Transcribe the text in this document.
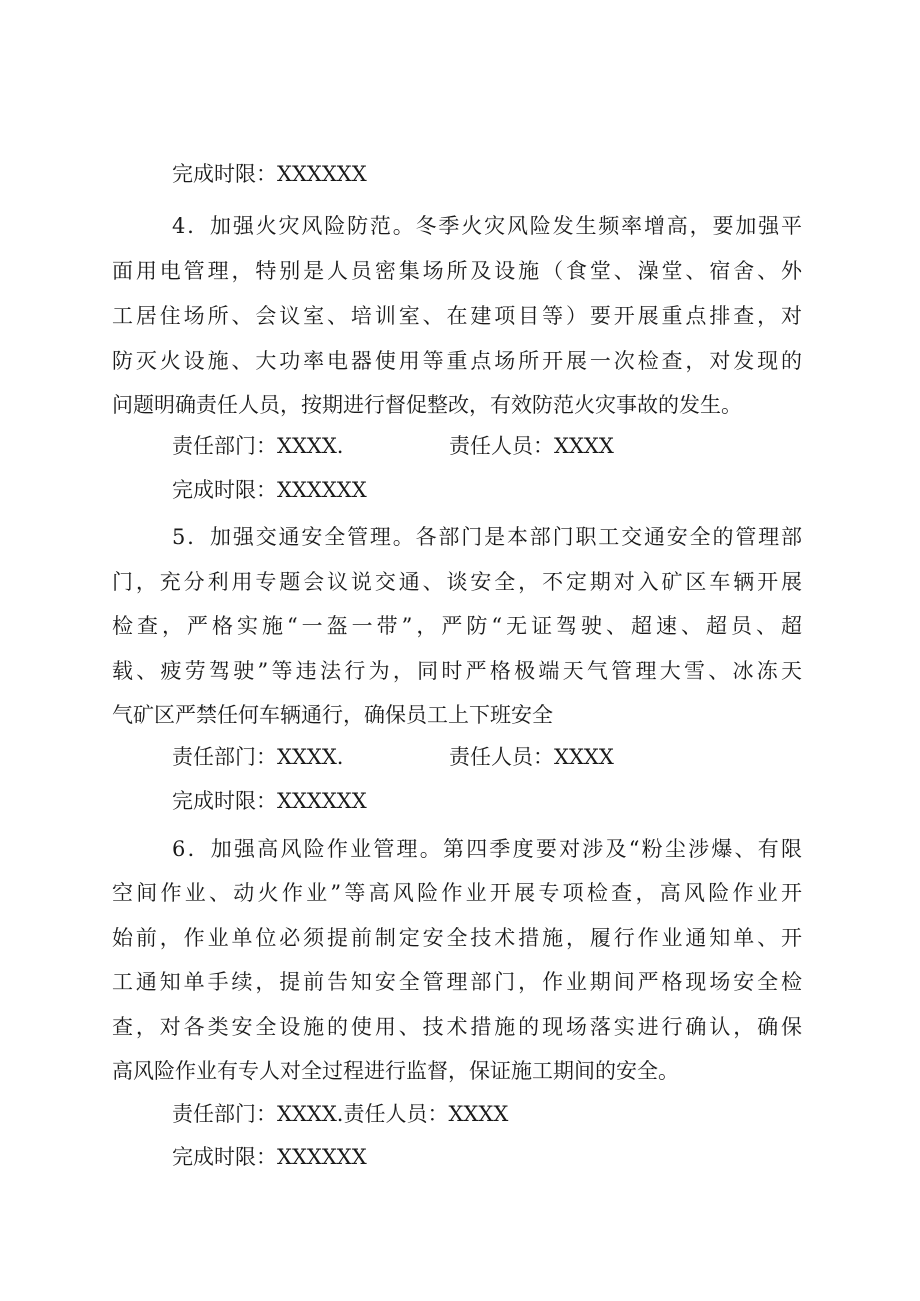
完成时限：XXXXXX
4．加强火灾风险防范。冬季火灾风险发生频率增高，要加强平
面用电管理，特别是人员密集场所及设施（食堂、澡堂、宿舍、外
工居住场所、会议室、培训室、在建项目等）要开展重点排查，对
防灭火设施、大功率电器使用等重点场所开展一次检查，对发现的
问题明确责任人员，按期进行督促整改，有效防范火灾事故的发生。
责任部门：XXXX.	责任人员：XXXX
完成时限：XXXXXX
5．加强交通安全管理。各部门是本部门职工交通安全的管理部
门，充分利用专题会议说交通、谈安全，不定期对入矿区车辆开展
检查，严格实施“一盔一带”，严防“无证驾驶、超速、超员、超
载、疲劳驾驶”等违法行为，同时严格极端天气管理大雪、冰冻天
气矿区严禁任何车辆通行，确保员工上下班安全
责任部门：XXXX.	责任人员：XXXX
完成时限：XXXXXX
6．加强高风险作业管理。第四季度要对涉及“粉尘涉爆、有限
空间作业、动火作业”等高风险作业开展专项检查，高风险作业开
始前，作业单位必须提前制定安全技术措施，履行作业通知单、开
工通知单手续，提前告知安全管理部门，作业期间严格现场安全检
查，对各类安全设施的使用、技术措施的现场落实进行确认，确保
高风险作业有专人对全过程进行监督，保证施工期间的安全。
责任部门：XXXX.责任人员：XXXX
完成时限：XXXXXX
